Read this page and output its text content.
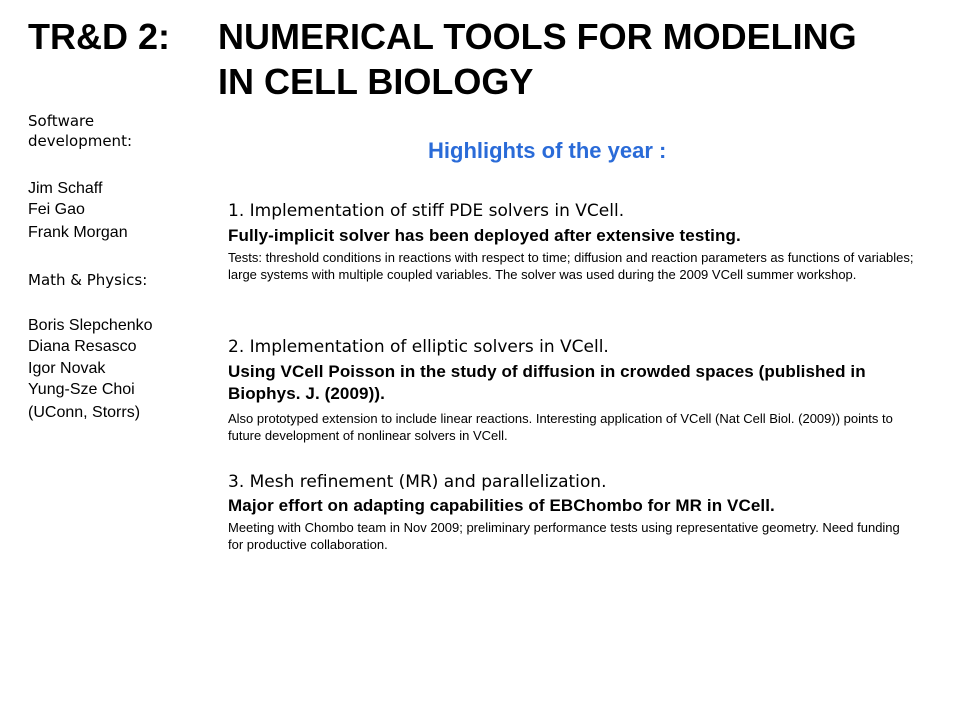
TR&D 2: NUMERICAL TOOLS FOR MODELING
IN CELL BIOLOGY
Software development:
Jim Schaff
Fei Gao
Frank Morgan
Math & Physics:
Boris Slepchenko
Diana Resasco
Igor Novak
Yung-Sze Choi
(UConn, Storrs)
Highlights of the year :
1. Implementation of stiff PDE solvers in VCell.
Fully-implicit solver has been deployed after extensive testing.
Tests: threshold conditions in reactions with respect to time; diffusion and reaction parameters as functions of variables; large systems with multiple coupled variables. The solver was used during the 2009 VCell summer workshop.
2. Implementation of elliptic solvers in VCell.
Using VCell Poisson in the study of diffusion in crowded spaces (published in Biophys. J. (2009)).
Also prototyped extension to include linear reactions. Interesting application of VCell (Nat Cell Biol. (2009)) points to future development of nonlinear solvers in VCell.
3. Mesh refinement (MR) and parallelization.
Major effort on adapting capabilities of EBChombo for MR in VCell.
Meeting with Chombo team in Nov 2009; preliminary performance tests using representative geometry. Need funding for productive collaboration.
